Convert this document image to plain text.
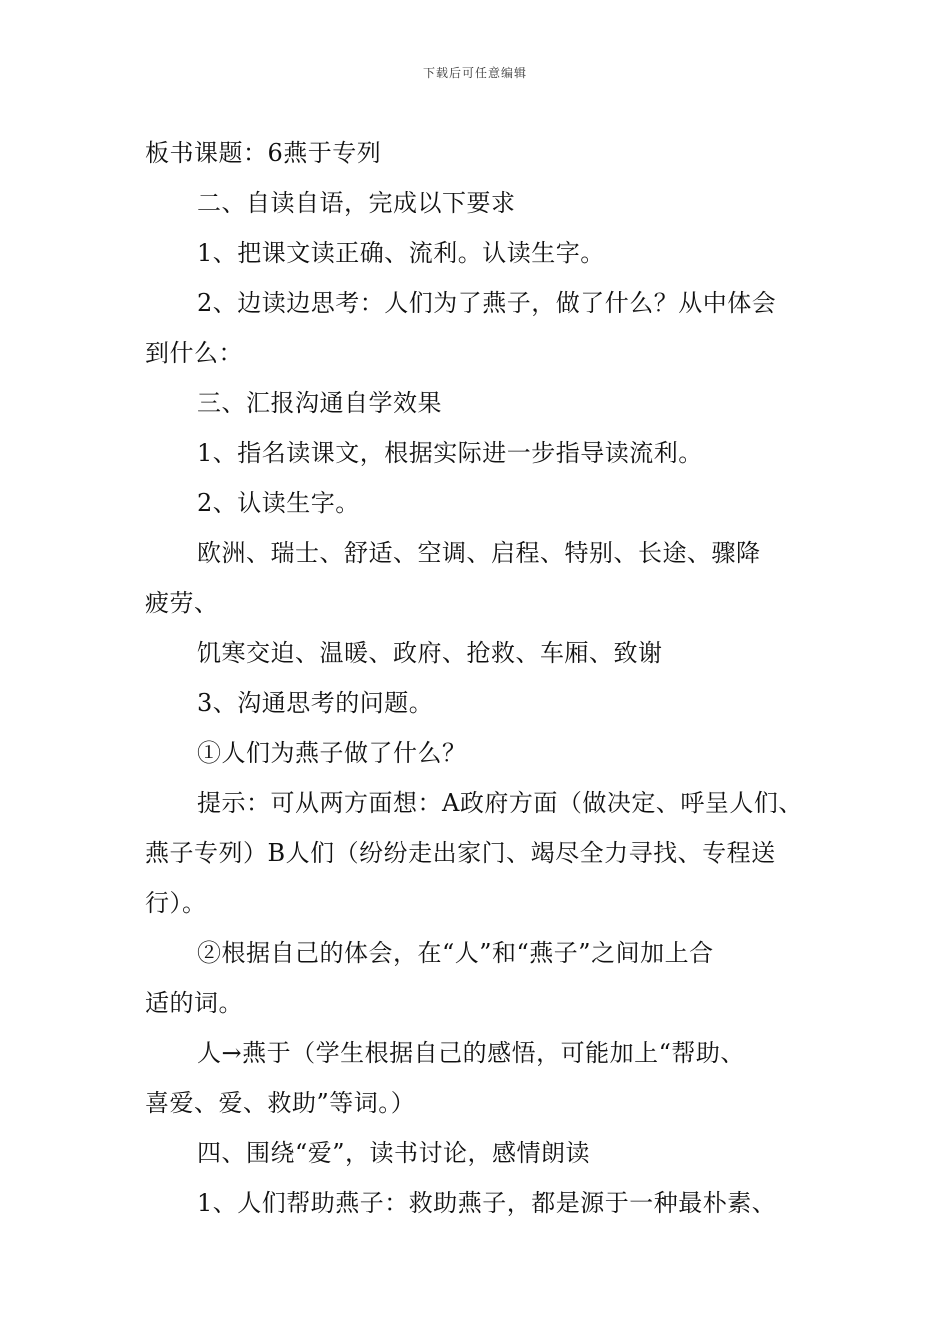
下载后可任意编辑
板书课题：6燕于专列
二、自读自语，完成以下要求
1、把课文读正确、流利。认读生字。
2、边读边思考：人们为了燕子，做了什么？从中体会
到什么：
三、汇报沟通自学效果
1、指名读课文，根据实际进一步指导读流利。
2、认读生字。
欧洲、瑞士、舒适、空调、启程、特别、长途、骤降
疲劳、
饥寒交迫、温暖、政府、抢救、车厢、致谢
3、沟通思考的问题。
①人们为燕子做了什么？
提示：可从两方面想：A政府方面（做决定、呼呈人们、
燕子专列）B人们（纷纷走出家门、竭尽全力寻找、专程送
行）。
②根据自己的体会，在“人”和“燕子”之间加上合
适的词。
人→燕于（学生根据自己的感悟，可能加上“帮助、
喜爱、爱、救助”等词。）
四、围绕“爱”，读书讨论，感情朗读
1、人们帮助燕子：救助燕子，都是源于一种最朴素、
